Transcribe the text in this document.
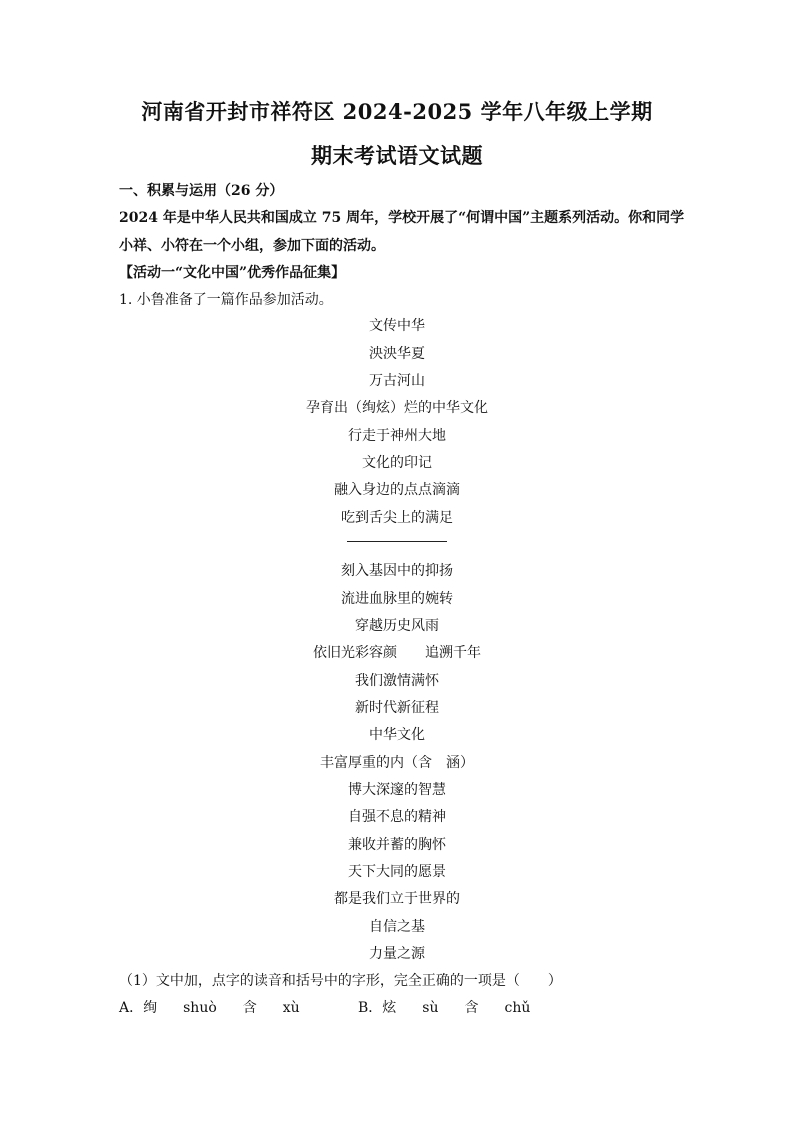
河南省开封市祥符区 2024-2025 学年八年级上学期
期末考试语文试题
一、积累与运用（26 分）
2024 年是中华人民共和国成立 75 周年，学校开展了“何谓中国”主题系列活动。你和同学
小祥、小符在一个小组，参加下面的活动。
【活动一“文化中国”优秀作品征集】
1. 小鲁准备了一篇作品参加活动。
文传中华
泱泱华夏
万古河山
孕育出（绚炫）烂的中华文化
行走于神州大地
文化的印记
融入身边的点点滴滴
吃到舌尖上的满足
刻入基因中的抑扬
流进血脉里的婉转
穿越历史风雨
依旧光彩容颜 追溯千年
我们激情满怀
新时代新征程
中华文化
丰富厚重的内（含　涵）
博大深邃的智慧
自强不息的精神
兼收并蓄的胸怀
天下大同的愿景
都是我们立于世界的
自信之基
力量之源
（1）文中加，点字的读音和括号中的字形，完全正确的一项是（　　）
A．绚 shuò 含 xù	B．炫 sù 含 chǔ
